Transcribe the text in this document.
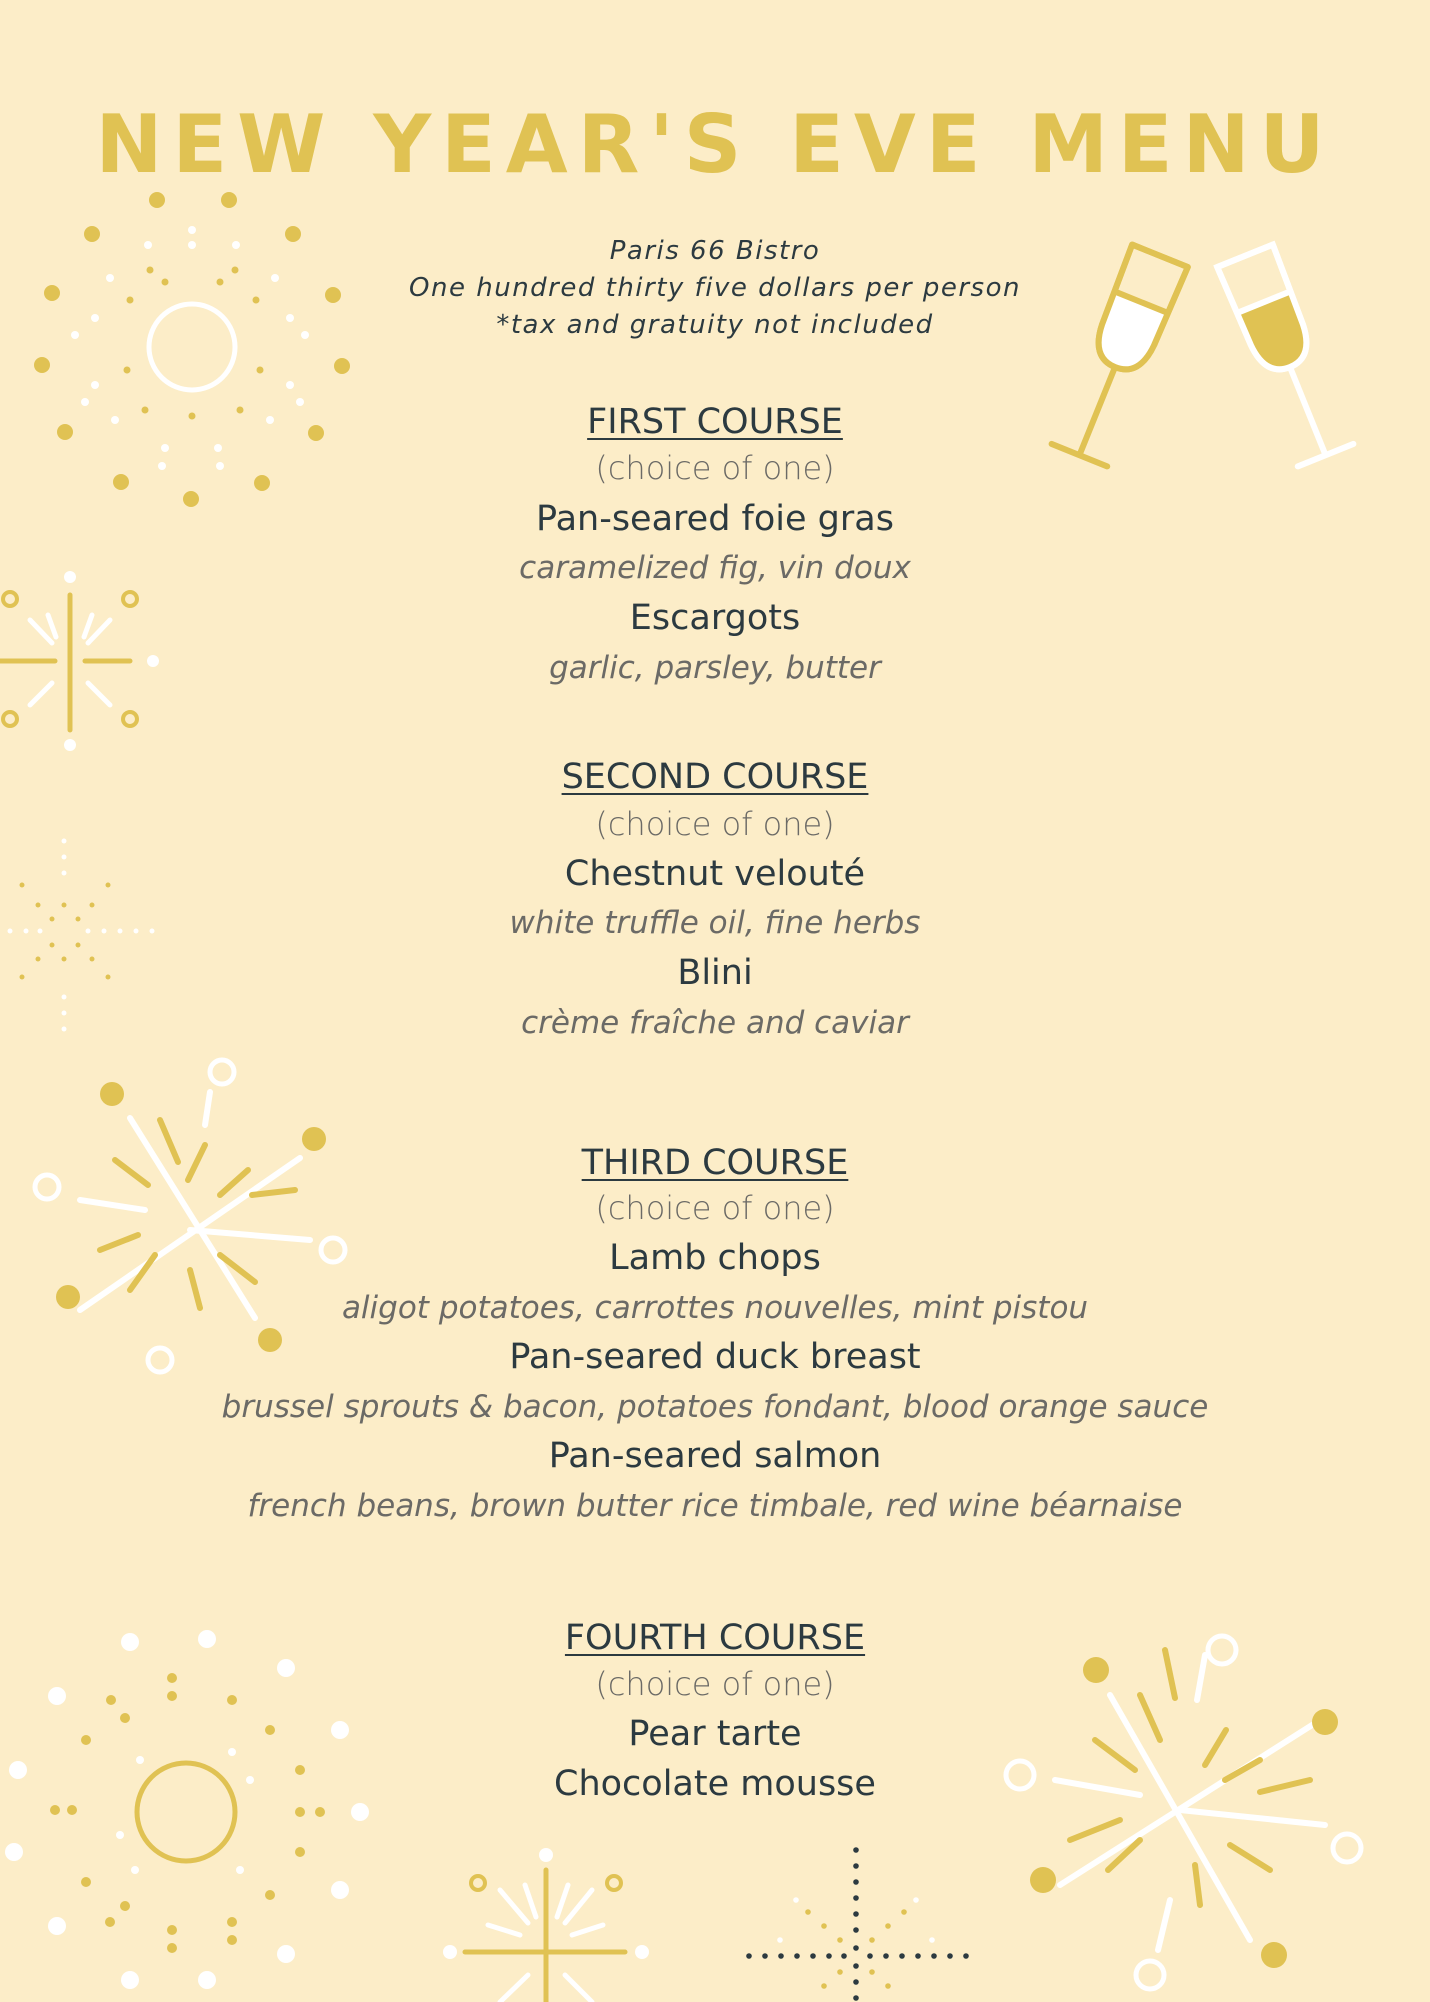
NEW YEAR'S EVE MENU
Paris 66 Bistro
One hundred thirty five dollars per person
*tax and gratuity not included
FIRST COURSE
(choice of one)
Pan-seared foie gras
caramelized fig, vin doux
Escargots
garlic, parsley, butter
SECOND COURSE
(choice of one)
Chestnut velouté
white truffle oil, fine herbs
Blini
crème fraîche and caviar
THIRD COURSE
(choice of one)
Lamb chops
aligot potatoes, carrottes nouvelles, mint pistou
Pan-seared duck breast
brussel sprouts & bacon, potatoes fondant, blood orange sauce
Pan-seared salmon
french beans, brown butter rice timbale, red wine béarnaise
FOURTH COURSE
(choice of one)
Pear tarte
Chocolate mousse
